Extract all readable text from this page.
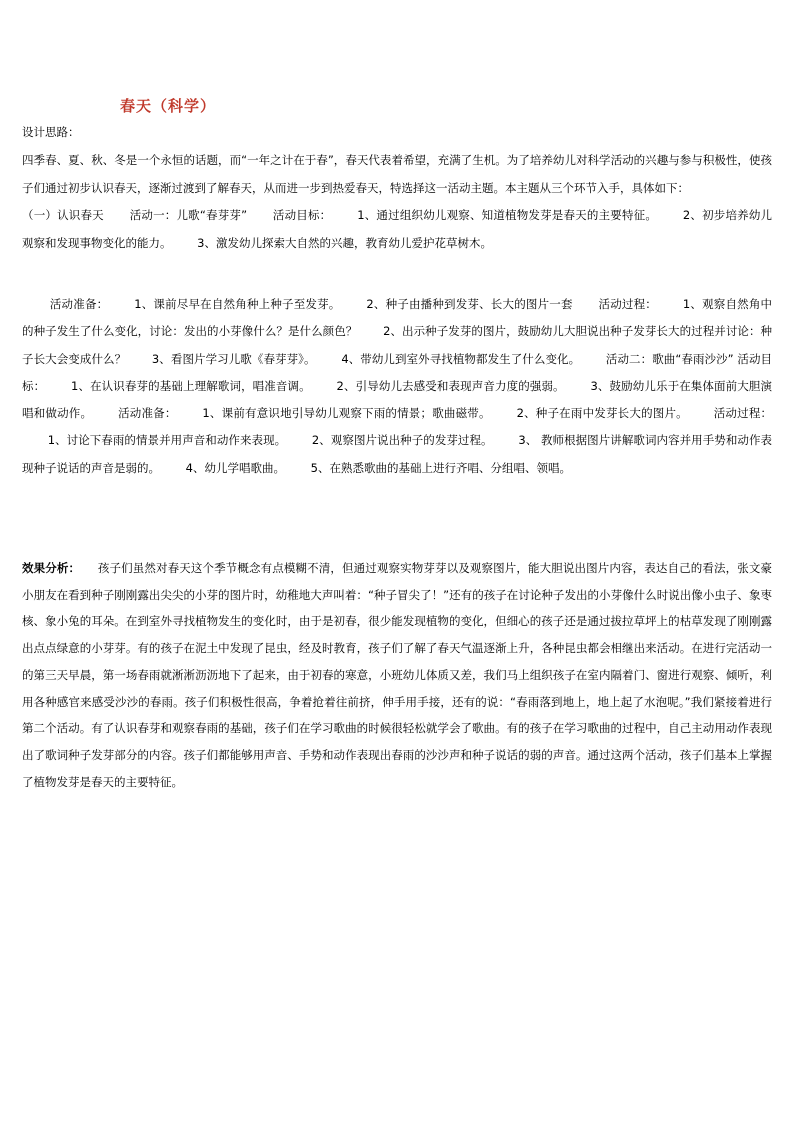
春天（科学）
设计思路：
四季春、夏、秋、冬是一个永恒的话题，而“一年之计在于春”，春天代表着希望，充满了生机。为了培养幼儿对科学活动的兴趣与参与积极性，使孩子们通过初步认识春天，逐渐过渡到了解春天，从而进一步到热爱春天，特选择这一活动主题。本主题从三个环节入手，具体如下：
（一）认识春天 活动一：儿歌“春芽芽” 活动目标： 1、通过组织幼儿观察、知道植物发芽是春天的主要特征。 2、初步培养幼儿观察和发现事物变化的能力。 3、激发幼儿探索大自然的兴趣，教育幼儿爱护花草树木。
活动准备： 1、课前尽早在自然角种上种子至发芽。 2、种子由播种到发芽、长大的图片一套 活动过程： 1、观察自然角中的种子发生了什么变化，讨论：发出的小芽像什么？是什么颜色？ 2、出示种子发芽的图片，鼓励幼儿大胆说出种子发芽长大的过程并讨论：种子长大会变成什么？ 3、看图片学习儿歌《春芽芽》。 4、带幼儿到室外寻找植物都发生了什么变化。 活动二：歌曲“春雨沙沙” 活动目标： 1、在认识春芽的基础上理解歌词，唱准音调。 2、引导幼儿去感受和表现声音力度的强弱。 3、鼓励幼儿乐于在集体面前大胆演唱和做动作。 活动准备： 1、课前有意识地引导幼儿观察下雨的情景；歌曲磁带。 2、种子在雨中发芽长大的图片。 活动过程： 1、讨论下春雨的情景并用声音和动作来表现。 2、观察图片说出种子的发芽过程。 3、 教师根据图片讲解歌词内容并用手势和动作表现种子说话的声音是弱的。 4、幼儿学唱歌曲。 5、在熟悉歌曲的基础上进行齐唱、分组唱、领唱。
效果分析： 孩子们虽然对春天这个季节概念有点模糊不清，但通过观察实物芽芽以及观察图片，能大胆说出图片内容，表达自己的看法，张文豪小朋友在看到种子刚刚露出尖尖的小芽的图片时，幼稚地大声叫着：“种子冒尖了！”还有的孩子在讨论种子发出的小芽像什么时说出像小虫子、象枣核、象小兔的耳朵。在到室外寻找植物发生的变化时，由于是初春，很少能发现植物的变化，但细心的孩子还是通过拔拉草坪上的枯草发现了刚刚露出点点绿意的小芽芽。有的孩子在泥土中发现了昆虫，经及时教育，孩子们了解了春天气温逐渐上升，各种昆虫都会相继出来活动。在进行完活动一的第三天早晨，第一场春雨就淅淅沥沥地下了起来，由于初春的寒意，小班幼儿体质又差，我们马上组织孩子在室内隔着门、窗进行观察、倾听，利用各种感官来感受沙沙的春雨。孩子们积极性很高，争着抢着往前挤，伸手用手接，还有的说：“春雨落到地上，地上起了水泡呢。”我们紧接着进行第二个活动。有了认识春芽和观察春雨的基础，孩子们在学习歌曲的时候很轻松就学会了歌曲。有的孩子在学习歌曲的过程中，自己主动用动作表现出了歌词种子发芽部分的内容。孩子们都能够用声音、手势和动作表现出春雨的沙沙声和种子说话的弱的声音。通过这两个活动，孩子们基本上掌握了植物发芽是春天的主要特征。
